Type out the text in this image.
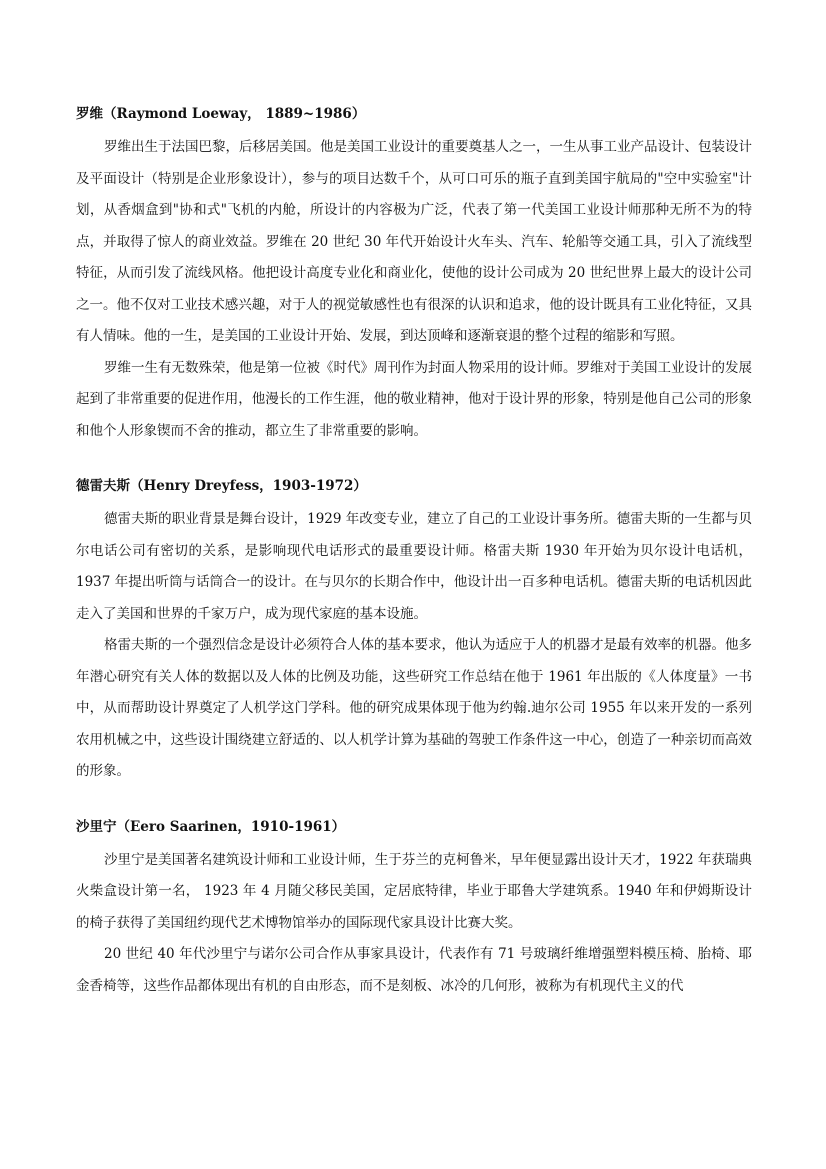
罗维（Raymond Loeway， 1889~1986）

罗维出生于法国巴黎，后移居美国。他是美国工业设计的重要奠基人之一，一生从事工业产品设计、包装设计及平面设计（特别是企业形象设计），参与的项目达数千个，从可口可乐的瓶子直到美国宇航局的"空中实验室"计划，从香烟盒到"协和式"飞机的内舱，所设计的内容极为广泛，代表了第一代美国工业设计师那种无所不为的特点，并取得了惊人的商业效益。罗维在 20 世纪 30 年代开始设计火车头、汽车、轮船等交通工具，引入了流线型特征，从而引发了流线风格。他把设计高度专业化和商业化，使他的设计公司成为 20 世纪世界上最大的设计公司之一。他不仅对工业技术感兴趣，对于人的视觉敏感性也有很深的认识和追求，他的设计既具有工业化特征，又具有人情味。他的一生，是美国的工业设计开始、发展，到达顶峰和逐渐衰退的整个过程的缩影和写照。

罗维一生有无数殊荣，他是第一位被《时代》周刊作为封面人物采用的设计师。罗维对于美国工业设计的发展起到了非常重要的促进作用，他漫长的工作生涯，他的敬业精神，他对于设计界的形象，特别是他自己公司的形象和他个人形象锲而不舍的推动，都立生了非常重要的影响。

德雷夫斯（Henry Dreyfess，1903-1972）

德雷夫斯的职业背景是舞台设计，1929 年改变专业，建立了自己的工业设计事务所。德雷夫斯的一生都与贝尔电话公司有密切的关系，是影响现代电话形式的最重要设计师。格雷夫斯 1930 年开始为贝尔设计电话机，1937 年提出听筒与话筒合一的设计。在与贝尔的长期合作中，他设计出一百多种电话机。德雷夫斯的电话机因此走入了美国和世界的千家万户，成为现代家庭的基本设施。

格雷夫斯的一个强烈信念是设计必须符合人体的基本要求，他认为适应于人的机器才是最有效率的机器。他多年潜心研究有关人体的数据以及人体的比例及功能，这些研究工作总结在他于 1961 年出版的《人体度量》一书中，从而帮助设计界奠定了人机学这门学科。他的研究成果体现于他为约翰.迪尔公司 1955 年以来开发的一系列农用机械之中，这些设计围绕建立舒适的、以人机学计算为基础的驾驶工作条件这一中心，创造了一种亲切而高效的形象。

沙里宁（Eero Saarinen，1910-1961）

沙里宁是美国著名建筑设计师和工业设计师，生于芬兰的克柯鲁米，早年便显露出设计天才，1922 年获瑞典火柴盒设计第一名， 1923 年 4 月随父移民美国，定居底特律，毕业于耶鲁大学建筑系。1940 年和伊姆斯设计的椅子获得了美国纽约现代艺术博物馆举办的国际现代家具设计比赛大奖。

20 世纪 40 年代沙里宁与诺尔公司合作从事家具设计，代表作有 71 号玻璃纤维增强塑料模压椅、胎椅、耶金香椅等，这些作品都体现出有机的自由形态，而不是刻板、冰冷的几何形，被称为有机现代主义的代
